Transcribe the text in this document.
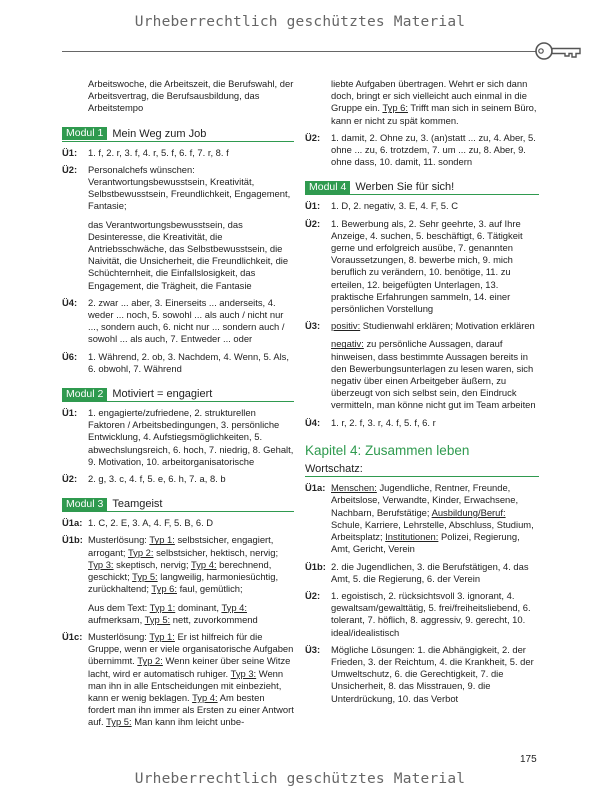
Urheberrechtlich geschütztes Material

Arbeitswoche, die Arbeitszeit, die Berufswahl, der Arbeitsvertrag, die Berufsausbildung, das Arbeitstempo

Modul 1 Mein Weg zum Job
Ü1:	1. f, 2. r, 3. f, 4. r, 5. f, 6. f, 7. r, 8. f

Ü2:	Personalchefs wünschen: Verantwortungsbewusstsein, Kreativität, Selbstbewusstsein, Freundlichkeit, Engagement, Fantasie;

das Verantwortungsbewusstsein, das Desinteresse, die Kreativität, die Antriebsschwäche, das Selbstbewusstsein, die Naivität, die Unsicherheit, die Freundlichkeit, die Schüchternheit, die Einfallslosigkeit, das Engagement, die Trägheit, die Fantasie

Ü4:	2. zwar ... aber, 3. Einerseits ... anderseits, 4. weder ... noch, 5. sowohl ... als auch / nicht nur ..., sondern auch, 6. nicht nur ... sondern auch / sowohl ... als auch, 7. Entweder ... oder

Ü6:	1. Während, 2. ob, 3. Nachdem, 4. Wenn, 5. Als, 6. obwohl, 7. Während

Modul 2 Motiviert = engagiert
Ü1:	1. engagierte/zufriedene, 2. strukturellen Faktoren / Arbeitsbedingungen, 3. persönliche Entwicklung, 4. Aufstiegsmöglichkeiten, 5. abwechslungsreich, 6. hoch, 7. niedrig, 8. Gehalt, 9. Motivation, 10. arbeitorganisatorische

Ü2:	2. g, 3. c, 4. f, 5. e, 6. h, 7. a, 8. b

Modul 3 Teamgeist
Ü1a: 1. C, 2. E, 3. A, 4. F, 5. B, 6. D

Ü1b: Musterlösung: Typ 1: selbstsicher, engagiert, arrogant; Typ 2: selbstsicher, hektisch, nervig; Typ 3: skeptisch, nervig; Typ 4: berechnend, geschickt; Typ 5: langweilig, harmoniesüchtig, zurückhaltend; Typ 6: faul, gemütlich;

Aus dem Text: Typ 1: dominant, Typ 4: aufmerksam, Typ 5: nett, zuvorkommend

Ü1c: Musterlösung: Typ 1: Er ist hilfreich für die Gruppe, wenn er viele organisatorische Aufgaben übernimmt. Typ 2: Wenn keiner über seine Witze lacht, wird er automatisch ruhiger. Typ 3: Wenn man ihn in alle Entscheidungen mit einbezieht, kann er wenig beklagen. Typ 4: Am besten fordert man ihn immer als Ersten zu einer Antwort auf. Typ 5: Man kann ihm leicht unbe-

liebte Aufgaben übertragen. Wehrt er sich dann doch, bringt er sich vielleicht auch einmal in die Gruppe ein. Typ 6: Trifft man sich in seinem Büro, kann er nicht zu spät kommen.

Ü2:	1. damit, 2. Ohne zu, 3. (an)statt ... zu, 4. Aber, 5. ohne ... zu, 6. trotzdem, 7. um ... zu, 8. Aber, 9. ohne dass, 10. damit, 11. sondern

Modul 4 Werben Sie für sich!
Ü1:	1. D, 2. negativ, 3. E, 4. F, 5. C

Ü2:	1. Bewerbung als, 2. Sehr geehrte, 3. auf Ihre Anzeige, 4. suchen, 5. beschäftigt, 6. Tätigkeit gerne und erfolgreich ausübe, 7. genannten Voraussetzungen, 8. bewerbe mich, 9. mich beruflich zu verändern, 10. benötige, 11. zu erteilen, 12. beigefügten Unterlagen, 13. praktische Erfahrungen sammeln, 14. einer persönlichen Vorstellung

Ü3:	positiv: Studienwahl erklären; Motivation erklären

negativ: zu persönliche Aussagen, darauf hinweisen, dass bestimmte Aussagen bereits in den Bewerbungsunterlagen zu lesen waren, sich negativ über einen Arbeitgeber äußern, zu überzeugt von sich selbst sein, den Eindruck vermitteln, man könne nicht gut im Team arbeiten

Ü4:	1. r, 2. f, 3. r, 4. f, 5. f, 6. r

Kapitel 4: Zusammen leben
Wortschatz:
Ü1a: Menschen: Jugendliche, Rentner, Freunde, Arbeitslose, Verwandte, Kinder, Erwachsene, Nachbarn, Berufstätige; Ausbildung/Beruf: Schule, Karriere, Lehrstelle, Abschluss, Studium, Arbeitsplatz; Institutionen: Polizei, Regierung, Amt, Gericht, Verein

Ü1b: 2. die Jugendlichen, 3. die Berufstätigen, 4. das Amt, 5. die Regierung, 6. der Verein

Ü2:	1. egoistisch, 2. rücksichtsvoll 3. ignorant, 4. gewaltsam/gewalttätig, 5. frei/freiheitsliebend, 6. tolerant, 7. höflich, 8. aggressiv, 9. gerecht, 10. ideal/idealistisch

Ü3:	Mögliche Lösungen: 1. die Abhängigkeit, 2. der Frieden, 3. der Reichtum, 4. die Krankheit, 5. der Umweltschutz, 6. die Gerechtigkeit, 7. die Unsicherheit, 8. das Misstrauen, 9. die Unterdrückung, 10. das Verbot

175
Urheberrechtlich geschütztes Material
